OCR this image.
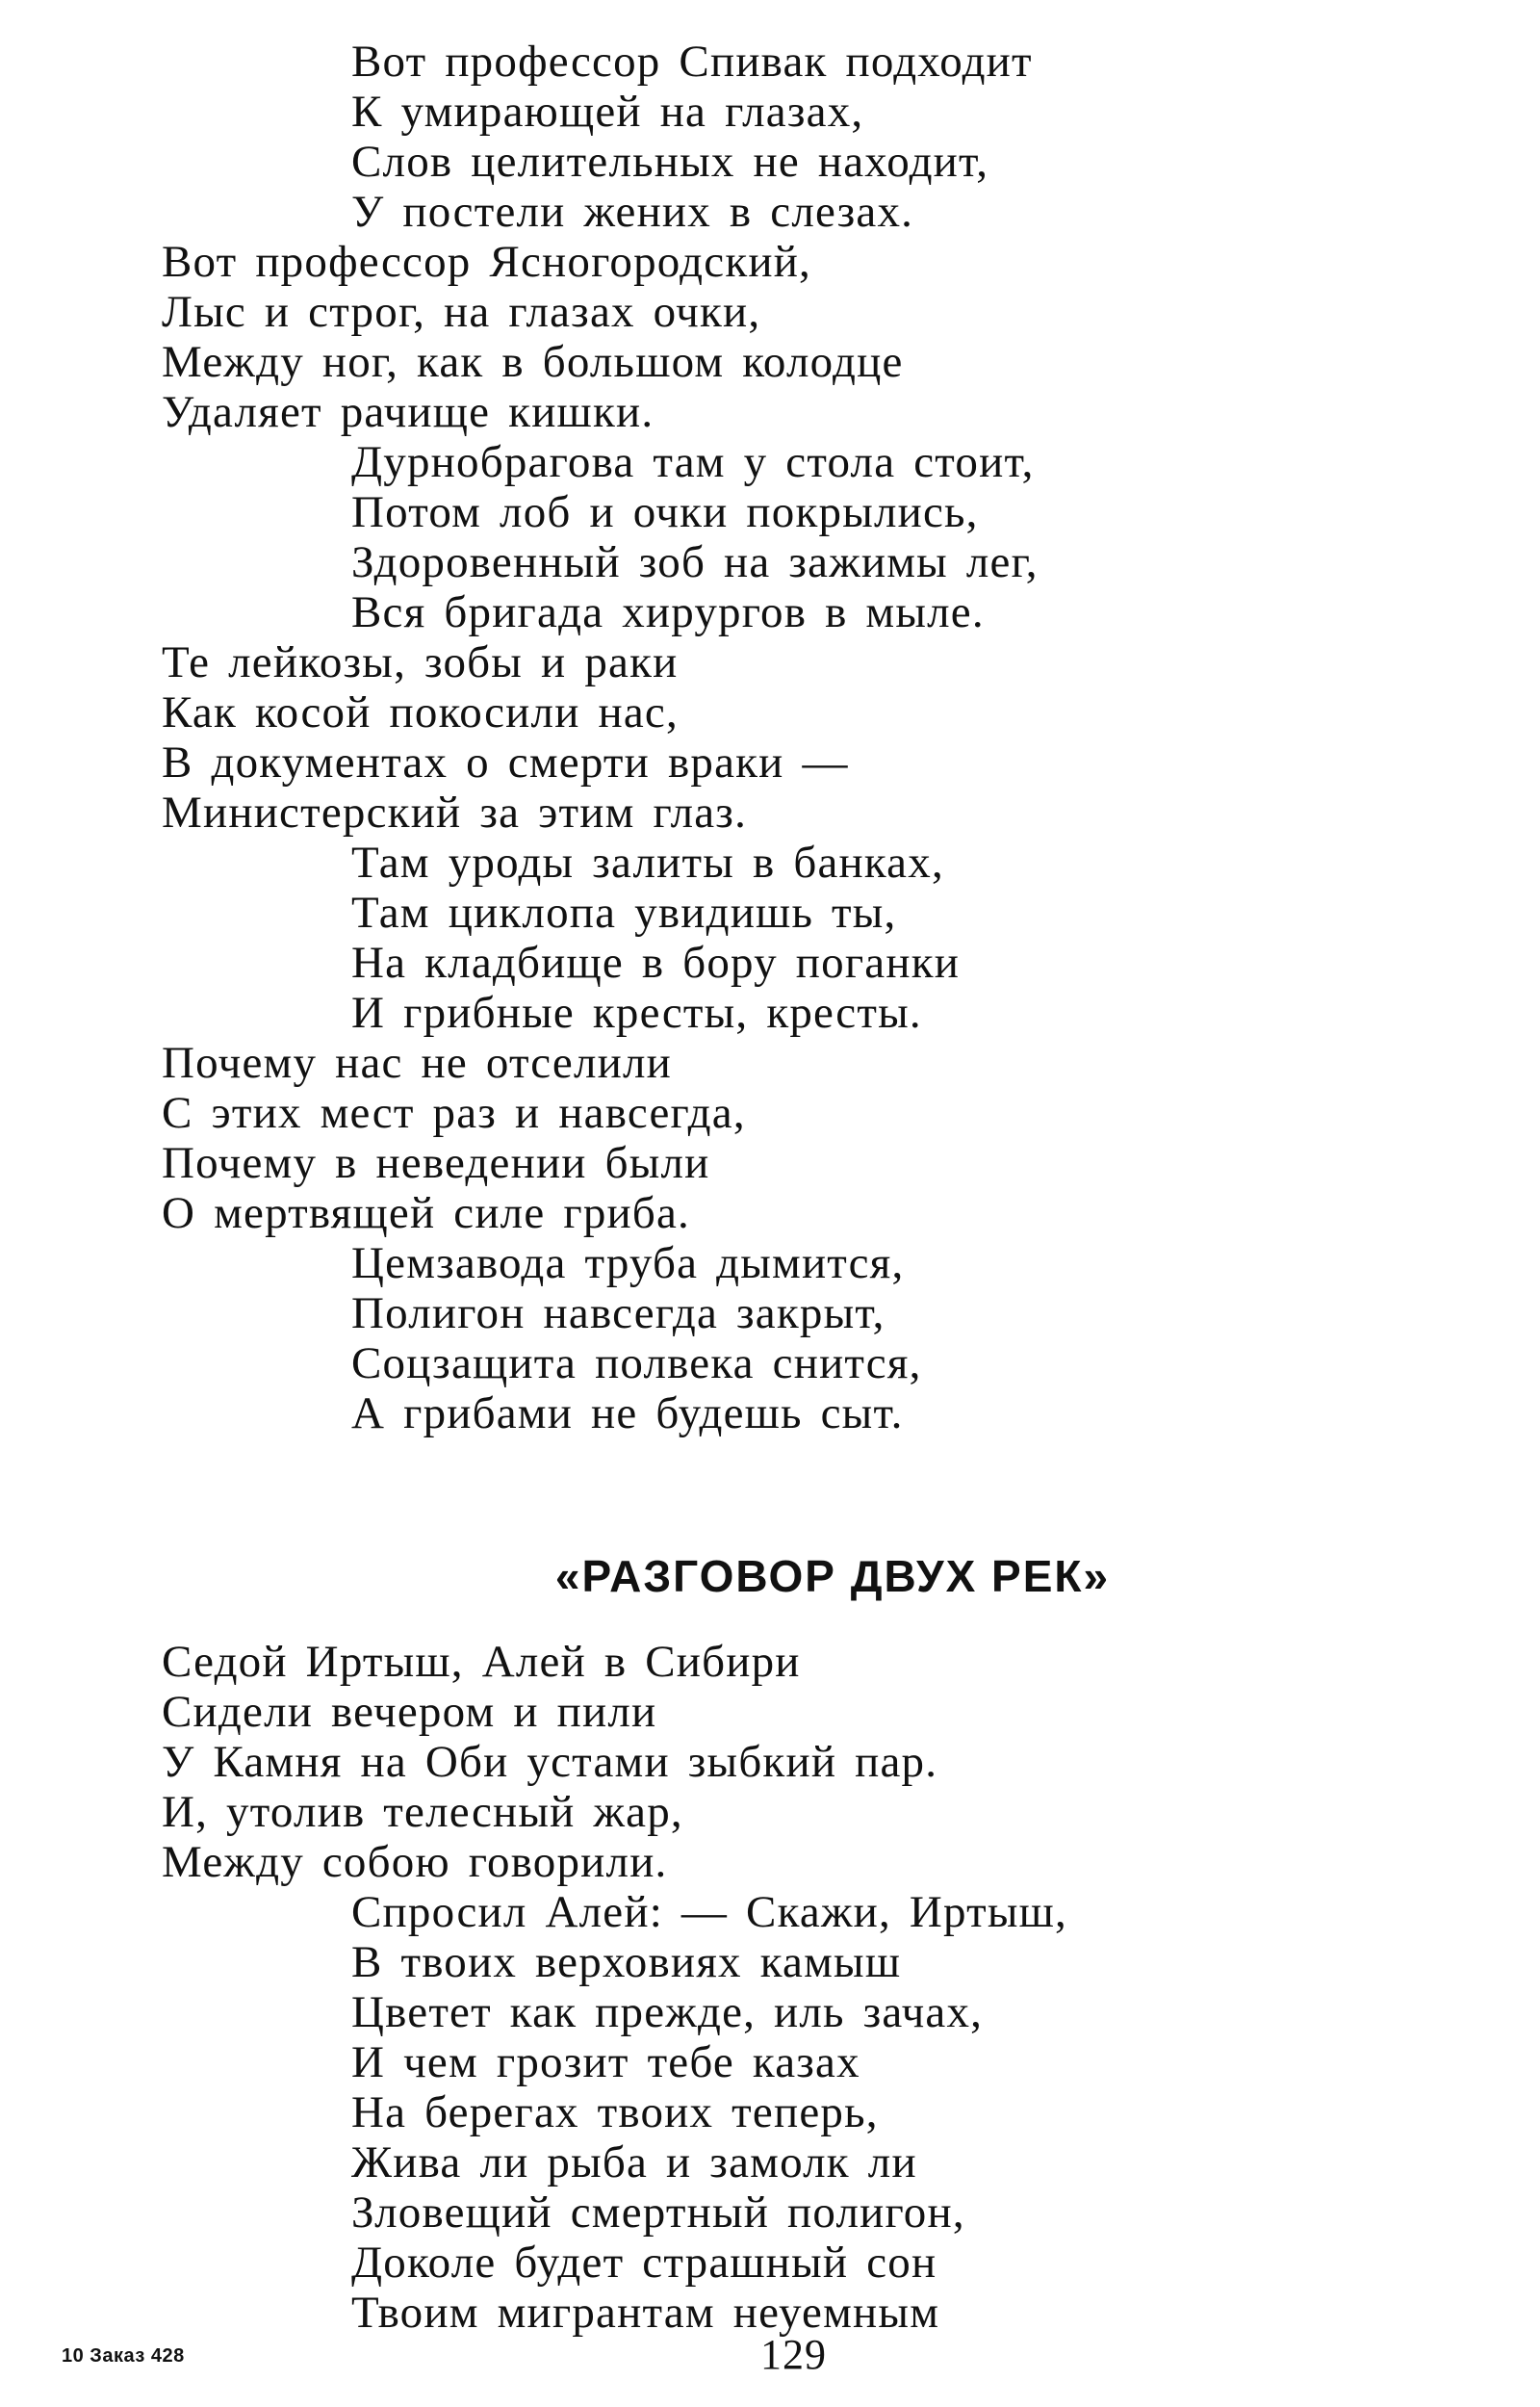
Вот профессор Спивак подходит
К умирающей на глазах,
Слов целительных не находит,
У постели жених в слезах.
Вот профессор Ясногородский,
Лыс и строг, на глазах очки,
Между ног, как в большом колодце
Удаляет рачище кишки.
Дурнобрагова там у стола стоит,
Потом лоб и очки покрылись,
Здоровенный зоб на зажимы лег,
Вся бригада хирургов в мыле.
Те лейкозы, зобы и раки
Как косой покосили нас,
В документах о смерти враки —
Министерский за этим глаз.
Там уроды залиты в банках,
Там циклопа увидишь ты,
На кладбище в бору поганки
И грибные кресты, кресты.
Почему нас не отселили
С этих мест раз и навсегда,
Почему в неведении были
О мертвящей силе гриба.
Цемзавода труба дымится,
Полигон навсегда закрыт,
Соцзащита полвека снится,
А грибами не будешь сыт.
«РАЗГОВОР ДВУХ РЕК»
Седой Иртыш, Алей в Сибири
Сидели вечером и пили
У Камня на Оби устами зыбкий пар.
И, утолив телесный жар,
Между собою говорили.
Спросил Алей: — Скажи, Иртыш,
В твоих верховиях камыш
Цветет как прежде, иль зачах,
И чем грозит тебе казах
На берегах твоих теперь,
Жива ли рыба и замолк ли
Зловещий смертный полигон,
Доколе будет страшный сон
Твоим мигрантам неуемным
10 Заказ 428	129
